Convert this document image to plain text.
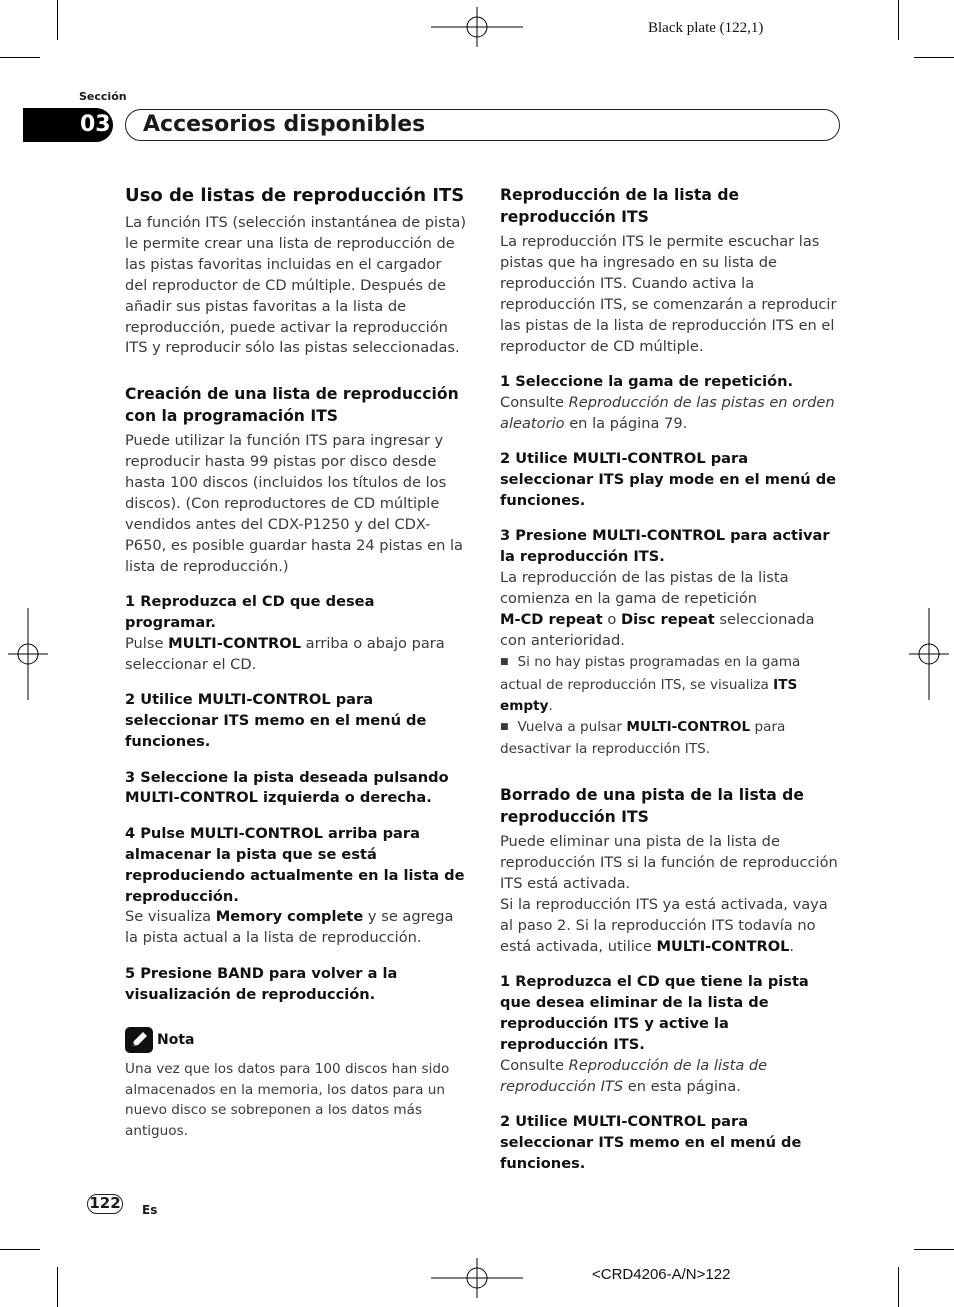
Black plate (122,1)
Sección
03 Accesorios disponibles
Uso de listas de reproducción ITS

La función ITS (selección instantánea de pista) le permite crear una lista de reproducción de las pistas favoritas incluidas en el cargador del reproductor de CD múltiple. Después de añadir sus pistas favoritas a la lista de reproducción, puede activar la reproducción ITS y reproducir sólo las pistas seleccionadas.

Creación de una lista de reproducción con la programación ITS

Puede utilizar la función ITS para ingresar y reproducir hasta 99 pistas por disco desde hasta 100 discos (incluidos los títulos de los discos). (Con reproductores de CD múltiple vendidos antes del CDX-P1250 y del CDX-P650, es posible guardar hasta 24 pistas en la lista de reproducción.)

1 Reproduzca el CD que desea programar.

Pulse MULTI-CONTROL arriba o abajo para seleccionar el CD.

2 Utilice MULTI-CONTROL para seleccionar ITS memo en el menú de funciones.

3 Seleccione la pista deseada pulsando MULTI-CONTROL izquierda o derecha.

4 Pulse MULTI-CONTROL arriba para almacenar la pista que se está reproduciendo actualmente en la lista de reproducción.

Se visualiza Memory complete y se agrega la pista actual a la lista de reproducción.

5 Presione BAND para volver a la visualización de reproducción.

Nota

Una vez que los datos para 100 discos han sido almacenados en la memoria, los datos para un nuevo disco se sobreponen a los datos más antiguos.

Reproducción de la lista de reproducción ITS

La reproducción ITS le permite escuchar las pistas que ha ingresado en su lista de reproducción ITS. Cuando activa la reproducción ITS, se comenzarán a reproducir las pistas de la lista de reproducción ITS en el reproductor de CD múltiple.

1 Seleccione la gama de repetición.

Consulte Reproducción de las pistas en orden aleatorio en la página 79.

2 Utilice MULTI-CONTROL para seleccionar ITS play mode en el menú de funciones.

3 Presione MULTI-CONTROL para activar la reproducción ITS.

La reproducción de las pistas de la lista comienza en la gama de repetición

M-CD repeat o Disc repeat seleccionada con anterioridad.

■ Si no hay pistas programadas en la gama actual de reproducción ITS, se visualiza ITS empty.

■ Vuelva a pulsar MULTI-CONTROL para desactivar la reproducción ITS.

Borrado de una pista de la lista de reproducción ITS

Puede eliminar una pista de la lista de reproducción ITS si la función de reproducción ITS está activada.

Si la reproducción ITS ya está activada, vaya al paso 2. Si la reproducción ITS todavía no está activada, utilice MULTI-CONTROL.

1 Reproduzca el CD que tiene la pista que desea eliminar de la lista de reproducción ITS y active la reproducción ITS.

Consulte Reproducción de la lista de reproducción ITS en esta página.

2 Utilice MULTI-CONTROL para seleccionar ITS memo en el menú de funciones.

122 Es
<CRD4206-A/N>122
